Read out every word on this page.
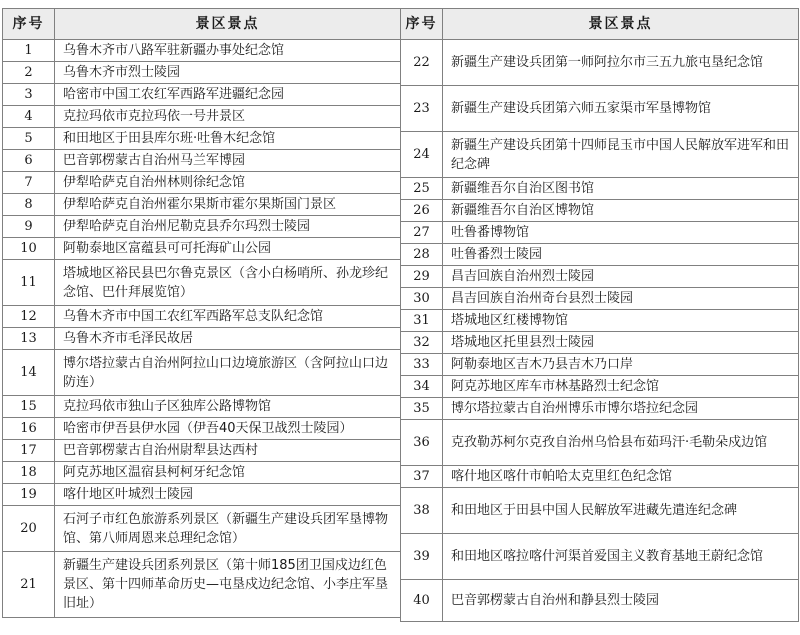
序号	景区景点
1	乌鲁木齐市八路军驻新疆办事处纪念馆
2	乌鲁木齐市烈士陵园
3	哈密市中国工农红军西路军进疆纪念园
4	克拉玛依市克拉玛依一号井景区
5	和田地区于田县库尔班·吐鲁木纪念馆
6	巴音郭楞蒙古自治州马兰军博园
7	伊犁哈萨克自治州林则徐纪念馆
8	伊犁哈萨克自治州霍尔果斯市霍尔果斯国门景区
9	伊犁哈萨克自治州尼勒克县乔尔玛烈士陵园
10	阿勒泰地区富蕴县可可托海矿山公园
11	塔城地区裕民县巴尔鲁克景区（含小白杨哨所、孙龙珍纪念馆、巴什拜展览馆）
12	乌鲁木齐市中国工农红军西路军总支队纪念馆
13	乌鲁木齐市毛泽民故居
14	博尔塔拉蒙古自治州阿拉山口边境旅游区（含阿拉山口边防连）
15	克拉玛依市独山子区独库公路博物馆
16	哈密市伊吾县伊水园（伊吾40天保卫战烈士陵园）
17	巴音郭楞蒙古自治州尉犁县达西村
18	阿克苏地区温宿县柯柯牙纪念馆
19	喀什地区叶城烈士陵园
20	石河子市红色旅游系列景区（新疆生产建设兵团军垦博物馆、第八师周恩来总理纪念馆）
21	新疆生产建设兵团系列景区（第十师185团卫国戍边红色景区、第十四师革命历史—屯垦戍边纪念馆、小李庄军垦旧址）
序号	景区景点
22	新疆生产建设兵团第一师阿拉尔市三五九旅屯垦纪念馆
23	新疆生产建设兵团第六师五家渠市军垦博物馆
24	新疆生产建设兵团第十四师昆玉市中国人民解放军进军和田纪念碑
25	新疆维吾尔自治区图书馆
26	新疆维吾尔自治区博物馆
27	吐鲁番博物馆
28	吐鲁番烈士陵园
29	昌吉回族自治州烈士陵园
30	昌吉回族自治州奇台县烈士陵园
31	塔城地区红楼博物馆
32	塔城地区托里县烈士陵园
33	阿勒泰地区吉木乃县吉木乃口岸
34	阿克苏地区库车市林基路烈士纪念馆
35	博尔塔拉蒙古自治州博乐市博尔塔拉纪念园
36	克孜勒苏柯尔克孜自治州乌恰县布茹玛汗·毛勒朵戍边馆
37	喀什地区喀什市帕哈太克里红色纪念馆
38	和田地区于田县中国人民解放军进藏先遣连纪念碑
39	和田地区喀拉喀什河渠首爱国主义教育基地王蔚纪念馆
40	巴音郭楞蒙古自治州和静县烈士陵园
